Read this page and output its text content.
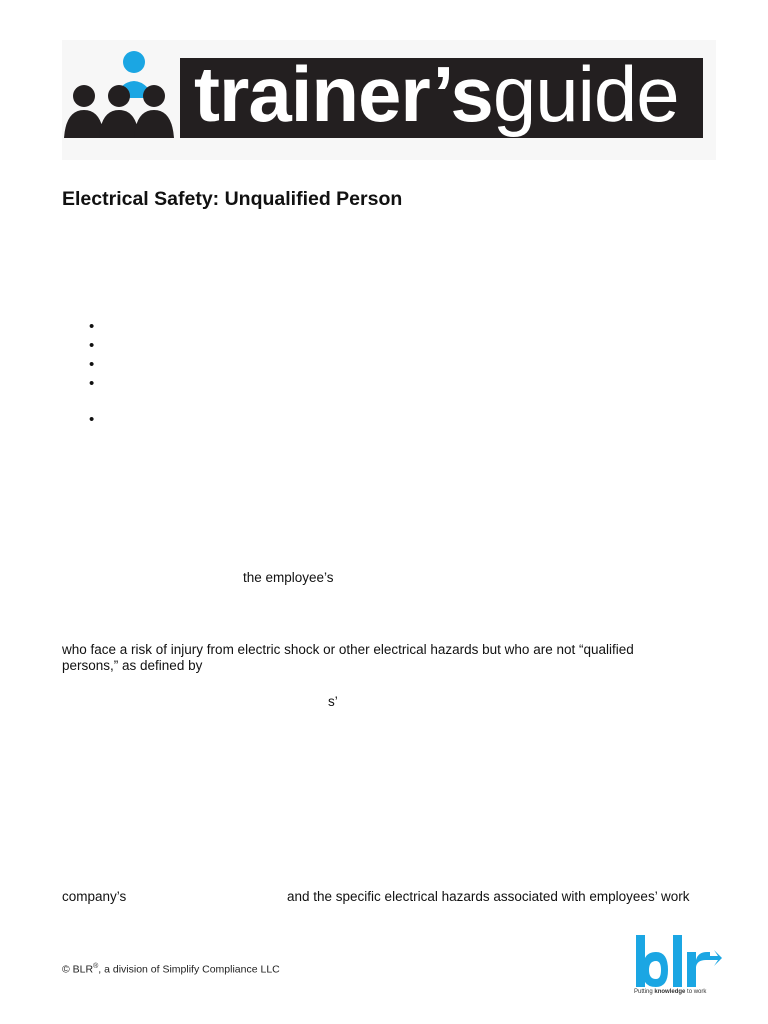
trainer’sguide
Electrical Safety: Unqualified Person
•
•
•
•
•
the employee’s
who face a risk of injury from electric shock or other electrical hazards but who are not “qualified
persons,” as defined by
s’
company’s	and the specific electrical hazards associated with employees’ work
© BLR®, a division of Simplify Compliance LLC
Putting knowledge to work
